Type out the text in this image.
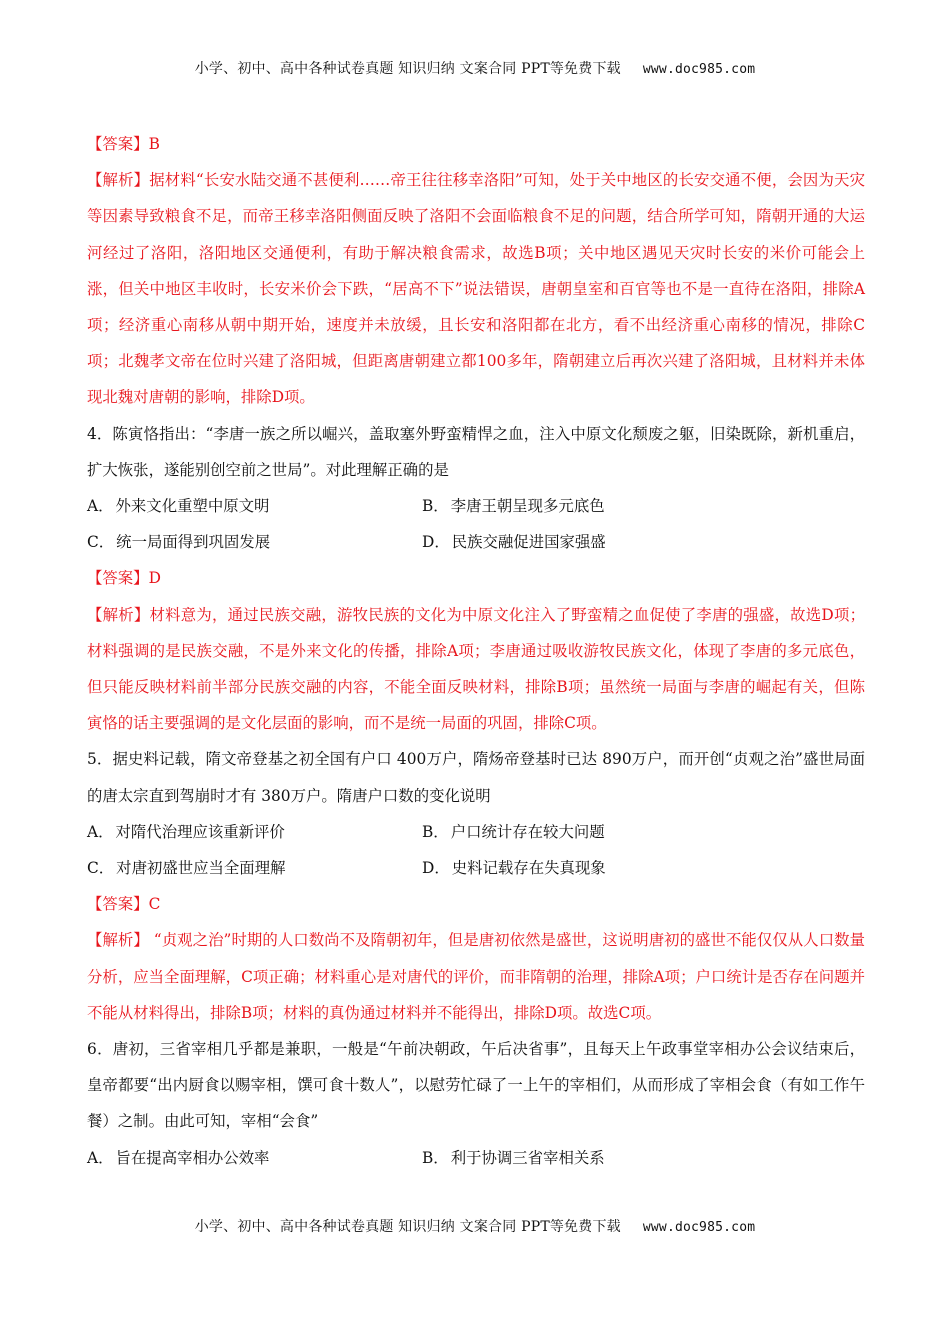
小学、初中、高中各种试卷真题 知识归纳 文案合同 PPT等免费下载 www.doc985.com
【答案】B
【解析】据材料“长安水陆交通不甚便利……帝王往往移幸洛阳”可知，处于关中地区的长安交通不便，会因为天灾等因素导致粮食不足，而帝王移幸洛阳侧面反映了洛阳不会面临粮食不足的问题，结合所学可知，隋朝开通的大运河经过了洛阳，洛阳地区交通便利，有助于解决粮食需求，故选B项；关中地区遇见天灾时长安的米价可能会上涨，但关中地区丰收时，长安米价会下跌，“居高不下”说法错误，唐朝皇室和百官等也不是一直待在洛阳，排除A项；经济重心南移从朝中期开始，速度并未放缓，且长安和洛阳都在北方，看不出经济重心南移的情况，排除C项；北魏孝文帝在位时兴建了洛阳城，但距离唐朝建立都100多年，隋朝建立后再次兴建了洛阳城，且材料并未体现北魏对唐朝的影响，排除D项。
4．陈寅恪指出：“李唐一族之所以崛兴，盖取塞外野蛮精悍之血，注入中原文化颓废之躯，旧染既除，新机重启，扩大恢张，遂能别创空前之世局”。对此理解正确的是
A． 外来文化重塑中原文明	B． 李唐王朝呈现多元底色
C． 统一局面得到巩固发展	D． 民族交融促进国家强盛
【答案】D
【解析】材料意为，通过民族交融，游牧民族的文化为中原文化注入了野蛮精之血促使了李唐的强盛，故选D项；材料强调的是民族交融，不是外来文化的传播，排除A项；李唐通过吸收游牧民族文化，体现了李唐的多元底色，但只能反映材料前半部分民族交融的内容，不能全面反映材料，排除B项；虽然统一局面与李唐的崛起有关，但陈寅恪的话主要强调的是文化层面的影响，而不是统一局面的巩固，排除C项。
5．据史料记载，隋文帝登基之初全国有户口 400万户，隋炀帝登基时已达 890万户，而开创“贞观之治”盛世局面的唐太宗直到驾崩时才有 380万户。隋唐户口数的变化说明
A． 对隋代治理应该重新评价	B． 户口统计存在较大问题
C． 对唐初盛世应当全面理解	D． 史料记载存在失真现象
【答案】C
【解析】 “贞观之治”时期的人口数尚不及隋朝初年，但是唐初依然是盛世，这说明唐初的盛世不能仅仅从人口数量分析，应当全面理解，C项正确；材料重心是对唐代的评价，而非隋朝的治理，排除A项；户口统计是否存在问题并不能从材料得出，排除B项；材料的真伪通过材料并不能得出，排除D项。故选C项。
6．唐初，三省宰相几乎都是兼职，一般是“午前决朝政，午后决省事”，且每天上午政事堂宰相办公会议结束后，皇帝都要“出内厨食以赐宰相，馔可食十数人”，以慰劳忙碌了一上午的宰相们，从而形成了宰相会食（有如工作午餐）之制。由此可知，宰相“会食”
A． 旨在提高宰相办公效率	B． 利于协调三省宰相关系
小学、初中、高中各种试卷真题 知识归纳 文案合同 PPT等免费下载 www.doc985.com
